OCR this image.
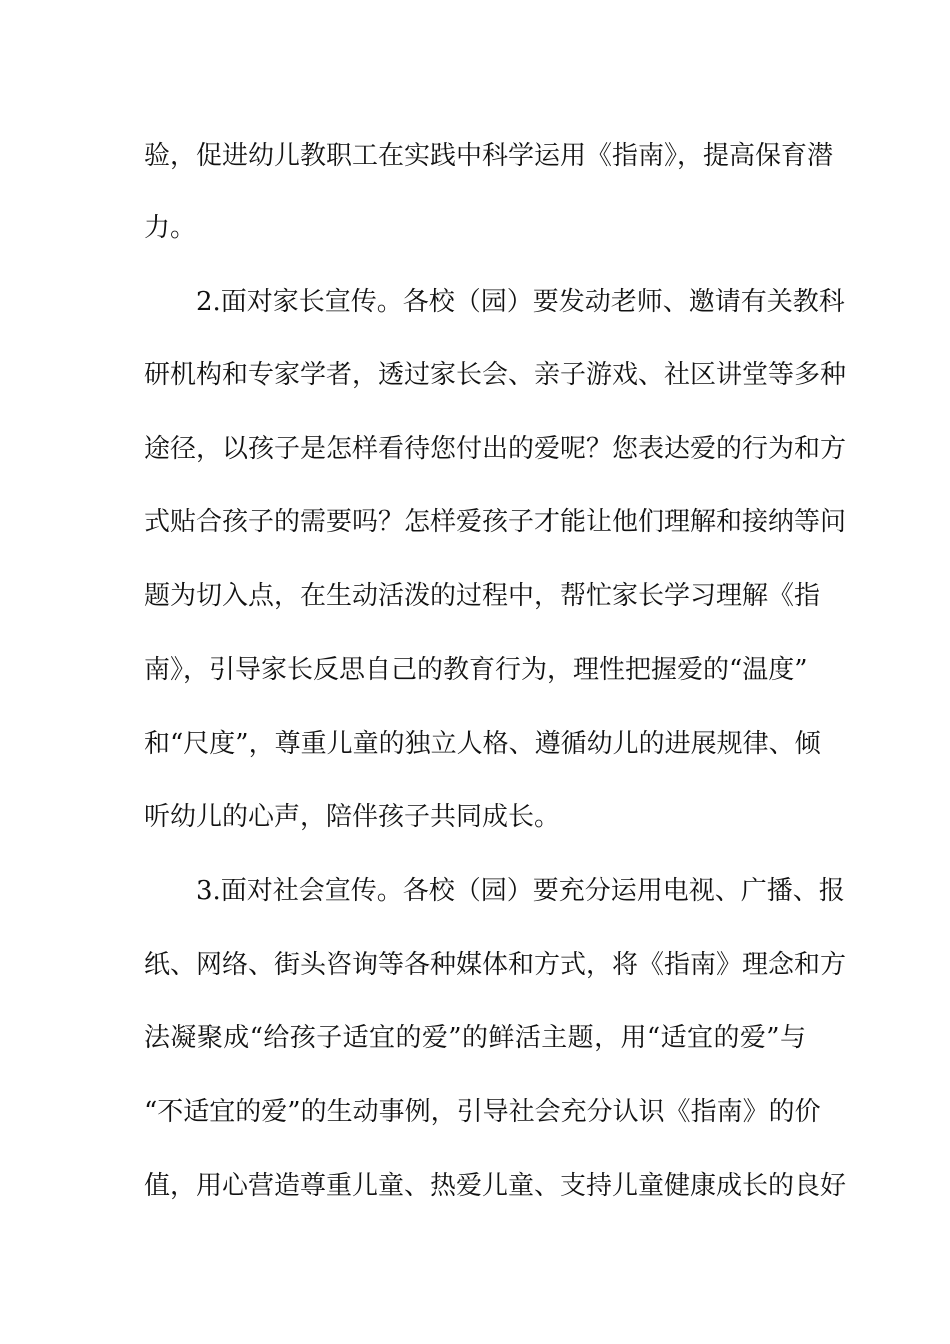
验，促进幼儿教职工在实践中科学运用《指南》，提高保育潜
力。
2.面对家长宣传。各校（园）要发动老师、邀请有关教科
研机构和专家学者，透过家长会、亲子游戏、社区讲堂等多种
途径，以孩子是怎样看待您付出的爱呢？您表达爱的行为和方
式贴合孩子的需要吗？怎样爱孩子才能让他们理解和接纳等问
题为切入点，在生动活泼的过程中，帮忙家长学习理解《指
南》，引导家长反思自己的教育行为，理性把握爱的“温度”
和“尺度”，尊重儿童的独立人格、遵循幼儿的进展规律、倾
听幼儿的心声，陪伴孩子共同成长。
3.面对社会宣传。各校（园）要充分运用电视、广播、报
纸、网络、街头咨询等各种媒体和方式，将《指南》理念和方
法凝聚成“给孩子适宜的爱”的鲜活主题，用“适宜的爱”与
“不适宜的爱”的生动事例，引导社会充分认识《指南》的价
值，用心营造尊重儿童、热爱儿童、支持儿童健康成长的良好
